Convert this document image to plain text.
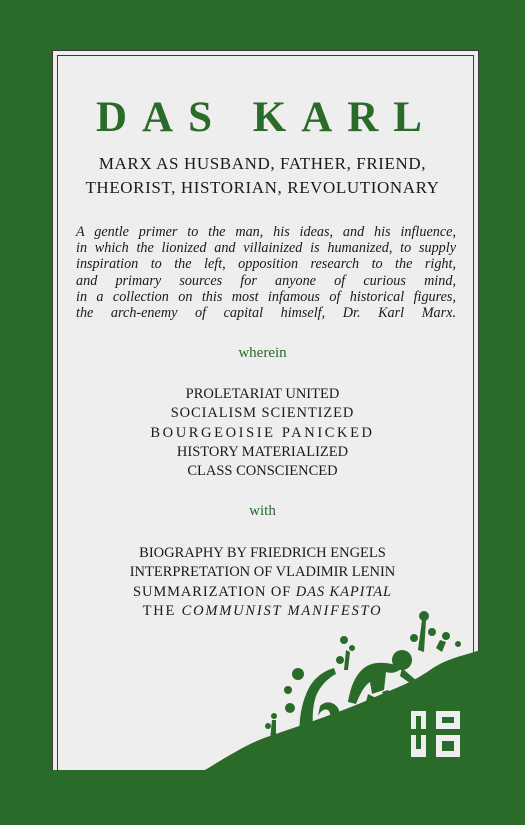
DAS KARL
MARX AS HUSBAND, FATHER, FRIEND,
THEORIST, HISTORIAN, REVOLUTIONARY
A gentle primer to the man, his ideas, and his influence,
in which the lionized and villainized is humanized, to supply
inspiration to the left, opposition research to the right,
and primary sources for anyone of curious mind,
in a collection on this most infamous of historical figures,
the arch-enemy of capital himself, Dr. Karl Marx.
wherein
PROLETARIAT UNITED
SOCIALISM SCIENTIZED
BOURGEOISIE PANICKED
HISTORY MATERIALIZED
CLASS CONSCIENCED
with
BIOGRAPHY BY FRIEDRICH ENGELS
INTERPRETATION OF VLADIMIR LENIN
SUMMARIZATION OF DAS KAPITAL
THE COMMUNIST MANIFESTO
